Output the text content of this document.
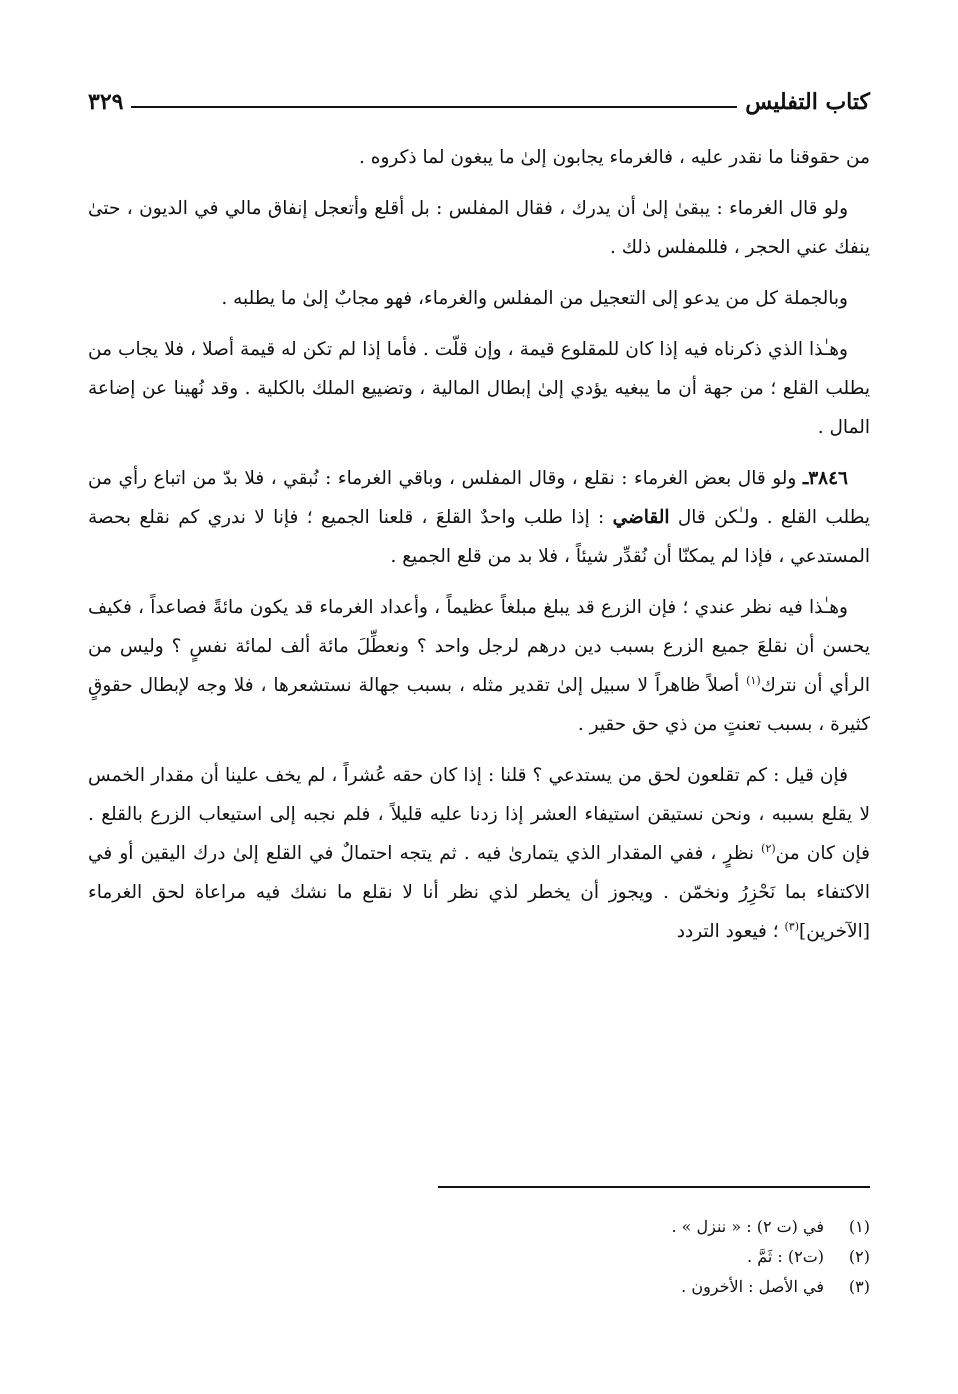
كتاب التفليس
٣٢٩

من حقوقنا ما نقدر عليه ، فالغرماء يجابون إلىٰ ما يبغون لما ذكروه .

ولو قال الغرماء : يبقىٰ إلىٰ أن يدرك ، فقال المفلس : بل أقلع وأتعجل إنفاق مالي في الديون ، حتىٰ ينفك عني الحجر ، فللمفلس ذلك .

وبالجملة كل من يدعو إلى التعجيل من المفلس والغرماء، فهو مجابٌ إلىٰ ما يطلبه .

وهـٰذا الذي ذكرناه فيه إذا كان للمقلوع قيمة ، وإن قلّت . فأما إذا لم تكن له قيمة أصلا ، فلا يجاب من يطلب القلع ؛ من جهة أن ما يبغيه يؤدي إلىٰ إبطال المالية ، وتضييع الملك بالكلية . وقد نُهينا عن إضاعة المال .

٣٨٤٦ـ ولو قال بعض الغرماء : نقلع ، وقال المفلس ، وباقي الغرماء : نُبقي ، فلا بدّ من اتباع رأي من يطلب القلع . ولـٰكن قال القاضي : إذا طلب واحدٌ القلعَ ، قلعنا الجميع ؛ فإنا لا ندري كم نقلع بحصة المستدعي ، فإذا لم يمكنّا أن نُقدِّر شيئاً ، فلا بد من قلع الجميع .

وهـٰذا فيه نظر عندي ؛ فإن الزرع قد يبلغ مبلغاً عظيماً ، وأعداد الغرماء قد يكون مائةً فصاعداً ، فكيف يحسن أن نقلعَ جميع الزرع بسبب دين درهم لرجل واحد ؟ ونعطِّلَ مائة ألف لمائة نفسٍ ؟ وليس من الرأي أن نترك$^{(١)}$ أصلاً ظاهراً لا سبيل إلىٰ تقدير مثله ، بسبب جهالة نستشعرها ، فلا وجه لإبطال حقوقٍ كثيرة ، بسبب تعنتٍ من ذي حق حقير .

فإن قيل : كم تقلعون لحق من يستدعي ؟ قلنا : إذا كان حقه عُشراً ، لم يخف علينا أن مقدار الخمس لا يقلع بسببه ، ونحن نستيقن استيفاء العشر إذا زدنا عليه قليلاً ، فلم نجبه إلى استيعاب الزرع بالقلع . فإن كان من$^{(٢)}$ نظرٍ ، ففي المقدار الذي يتمارىٰ فيه . ثم يتجه احتمالٌ في القلع إلىٰ درك اليقين أو في الاكتفاء بما نَحْزِرُ ونخمّن . ويجوز أن يخطر لذي نظر أنا لا نقلع ما نشك فيه مراعاة لحق الغرماء [الآخرين]$^{(٣)}$ ؛ فيعود التردد

(١)
في (ت ٢) : « ننزل » .
(٢)
(ت٢) : ثَمَّ .
(٣)
في الأصل : الأخرون .
